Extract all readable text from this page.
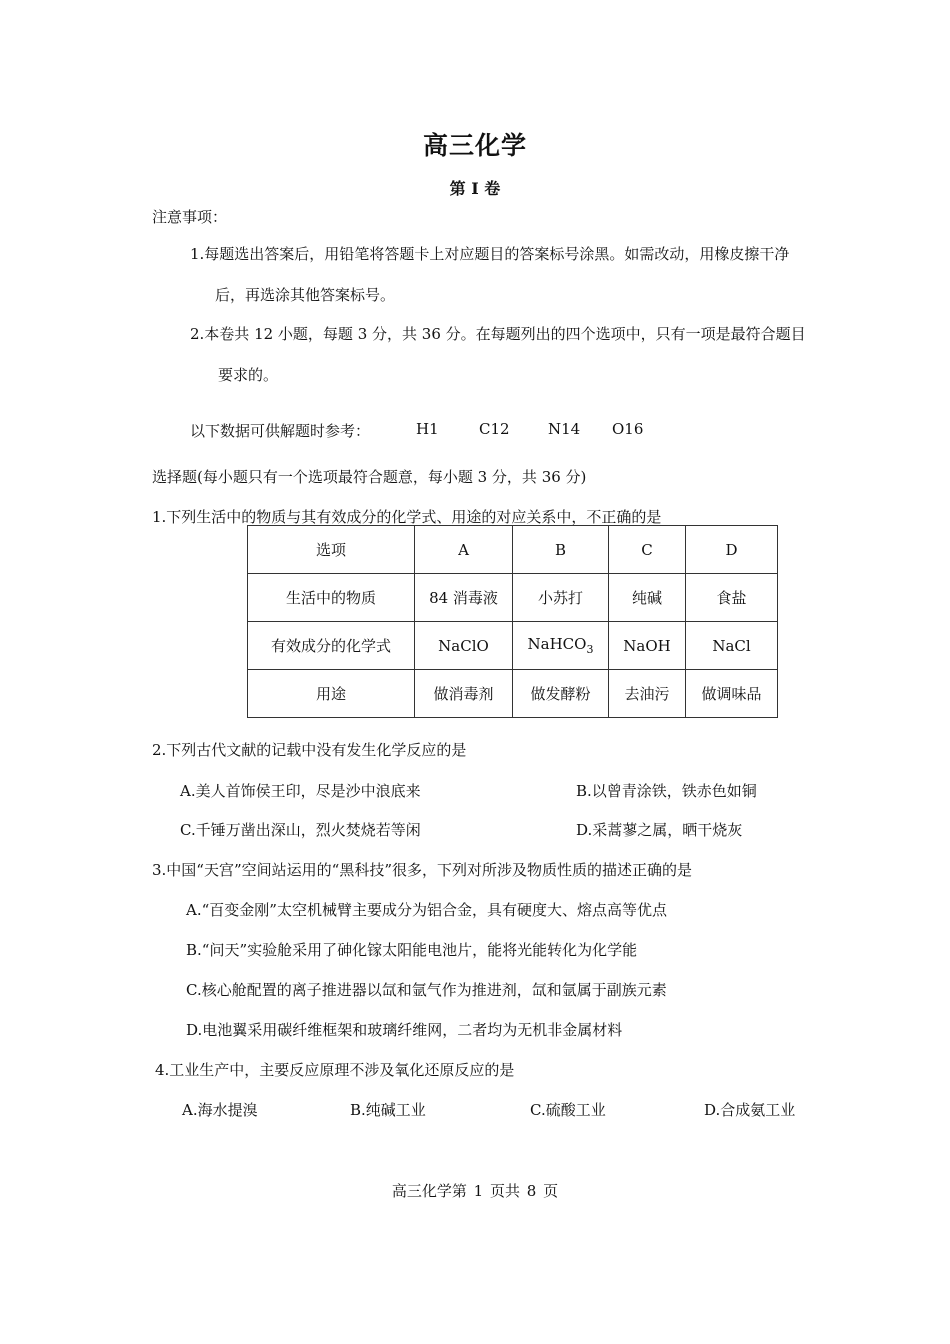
高三化学
第 I 卷
注意事项：
1.每题选出答案后，用铅笔将答题卡上对应题目的答案标号涂黑。如需改动，用橡皮擦干净
后，再选涂其他答案标号。
2.本卷共 12 小题，每题 3 分，共 36 分。在每题列出的四个选项中，只有一项是最符合题目
要求的。
以下数据可供解题时参考：	H1	C12	N14 O16
选择题(每小题只有一个选项最符合题意，每小题 3 分，共 36 分)
1.下列生活中的物质与其有效成分的化学式、用途的对应关系中，不正确的是
选项	A	B	C	D
生活中的物质	84 消毒液	小苏打	纯碱	食盐
有效成分的化学式	NaClO	NaHCO$_3$	NaOH	NaCl
用途	做消毒剂	做发酵粉	去油污	做调味品
2.下列古代文献的记载中没有发生化学反应的是
A.美人首饰侯王印，尽是沙中浪底来	B.以曾青涂铁，铁赤色如铜
C.千锤万凿出深山，烈火焚烧若等闲	D.采蒿蓼之属，晒干烧灰
3.中国“天宫”空间站运用的“黑科技”很多，下列对所涉及物质性质的描述正确的是
A.“百变金刚”太空机械臂主要成分为铝合金，具有硬度大、熔点高等优点
B.“问天”实验舱采用了砷化镓太阳能电池片，能将光能转化为化学能
C.核心舱配置的离子推进器以氙和氩气作为推进剂，氙和氩属于副族元素
D.电池翼采用碳纤维框架和玻璃纤维网，二者均为无机非金属材料
4.工业生产中，主要反应原理不涉及氧化还原反应的是
A.海水提溴	B.纯碱工业	C.硫酸工业	D.合成氨工业
高三化学第 1 页共 8 页
